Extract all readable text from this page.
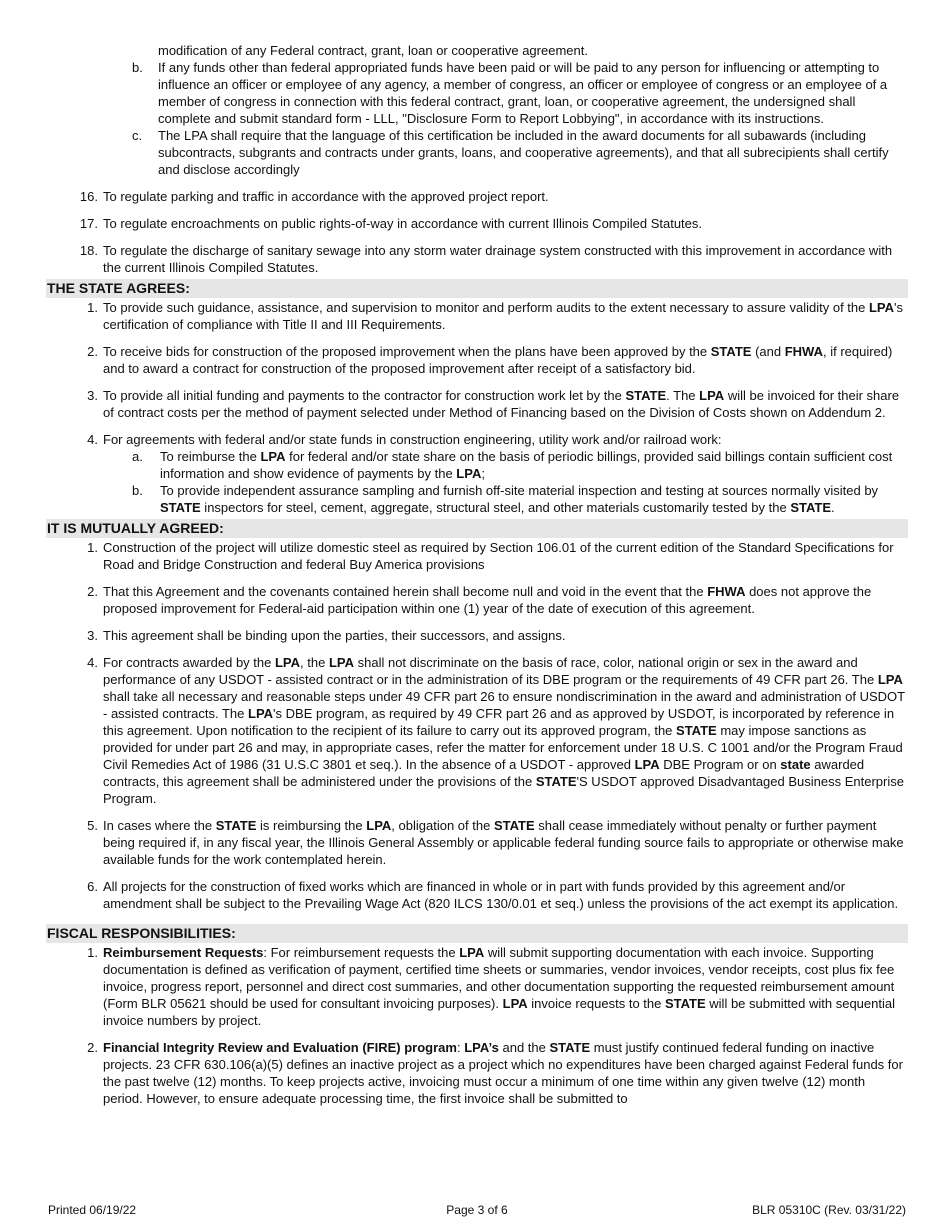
modification of any Federal contract, grant, loan or cooperative agreement.
b. If any funds other than federal appropriated funds have been paid or will be paid to any person for influencing or attempting to influence an officer or employee of any agency, a member of congress, an officer or employee of congress or an employee of a member of congress in connection with this federal contract, grant, loan, or cooperative agreement, the undersigned shall complete and submit standard form - LLL, "Disclosure Form to Report Lobbying", in accordance with its instructions.
c. The LPA shall require that the language of this certification be included in the award documents for all subawards (including subcontracts, subgrants and contracts under grants, loans, and cooperative agreements), and that all subrecipients shall certify and disclose accordingly
16. To regulate parking and traffic in accordance with the approved project report.
17. To regulate encroachments on public rights-of-way in accordance with current Illinois Compiled Statutes.
18. To regulate the discharge of sanitary sewage into any storm water drainage system constructed with this improvement in accordance with the current Illinois Compiled Statutes.
THE STATE AGREES:
1. To provide such guidance, assistance, and supervision to monitor and perform audits to the extent necessary to assure validity of the LPA's certification of compliance with Title II and III Requirements.
2. To receive bids for construction of the proposed improvement when the plans have been approved by the STATE (and FHWA, if required) and to award a contract for construction of the proposed improvement after receipt of a satisfactory bid.
3. To provide all initial funding and payments to the contractor for construction work let by the STATE. The LPA will be invoiced for their share of contract costs per the method of payment selected under Method of Financing based on the Division of Costs shown on Addendum 2.
4. For agreements with federal and/or state funds in construction engineering, utility work and/or railroad work:
a. To reimburse the LPA for federal and/or state share on the basis of periodic billings, provided said billings contain sufficient cost information and show evidence of payments by the LPA;
b. To provide independent assurance sampling and furnish off-site material inspection and testing at sources normally visited by STATE inspectors for steel, cement, aggregate, structural steel, and other materials customarily tested by the STATE.
IT IS MUTUALLY AGREED:
1. Construction of the project will utilize domestic steel as required by Section 106.01 of the current edition of the Standard Specifications for Road and Bridge Construction and federal Buy America provisions
2. That this Agreement and the covenants contained herein shall become null and void in the event that the FHWA does not approve the proposed improvement for Federal-aid participation within one (1) year of the date of execution of this agreement.
3. This agreement shall be binding upon the parties, their successors, and assigns.
4. For contracts awarded by the LPA, the LPA shall not discriminate on the basis of race, color, national origin or sex in the award and performance of any USDOT - assisted contract or in the administration of its DBE program or the requirements of 49 CFR part 26. The LPA shall take all necessary and reasonable steps under 49 CFR part 26 to ensure nondiscrimination in the award and administration of USDOT - assisted contracts. The LPA's DBE program, as required by 49 CFR part 26 and as approved by USDOT, is incorporated by reference in this agreement. Upon notification to the recipient of its failure to carry out its approved program, the STATE may impose sanctions as provided for under part 26 and may, in appropriate cases, refer the matter for enforcement under 18 U.S. C 1001 and/or the Program Fraud Civil Remedies Act of 1986 (31 U.S.C 3801 et seq.). In the absence of a USDOT - approved LPA DBE Program or on state awarded contracts, this agreement shall be administered under the provisions of the STATE'S USDOT approved Disadvantaged Business Enterprise Program.
5. In cases where the STATE is reimbursing the LPA, obligation of the STATE shall cease immediately without penalty or further payment being required if, in any fiscal year, the Illinois General Assembly or applicable federal funding source fails to appropriate or otherwise make available funds for the work contemplated herein.
6. All projects for the construction of fixed works which are financed in whole or in part with funds provided by this agreement and/or amendment shall be subject to the Prevailing Wage Act (820 ILCS 130/0.01 et seq.) unless the provisions of the act exempt its application.
FISCAL RESPONSIBILITIES:
1. Reimbursement Requests: For reimbursement requests the LPA will submit supporting documentation with each invoice. Supporting documentation is defined as verification of payment, certified time sheets or summaries, vendor invoices, vendor receipts, cost plus fix fee invoice, progress report, personnel and direct cost summaries, and other documentation supporting the requested reimbursement amount (Form BLR 05621 should be used for consultant invoicing purposes). LPA invoice requests to the STATE will be submitted with sequential invoice numbers by project.
2. Financial Integrity Review and Evaluation (FIRE) program: LPA’s and the STATE must justify continued federal funding on inactive projects. 23 CFR 630.106(a)(5) defines an inactive project as a project which no expenditures have been charged against Federal funds for the past twelve (12) months. To keep projects active, invoicing must occur a minimum of one time within any given twelve (12) month period. However, to ensure adequate processing time, the first invoice shall be submitted to
Printed 06/19/22	Page 3 of 6	BLR 05310C (Rev. 03/31/22)
